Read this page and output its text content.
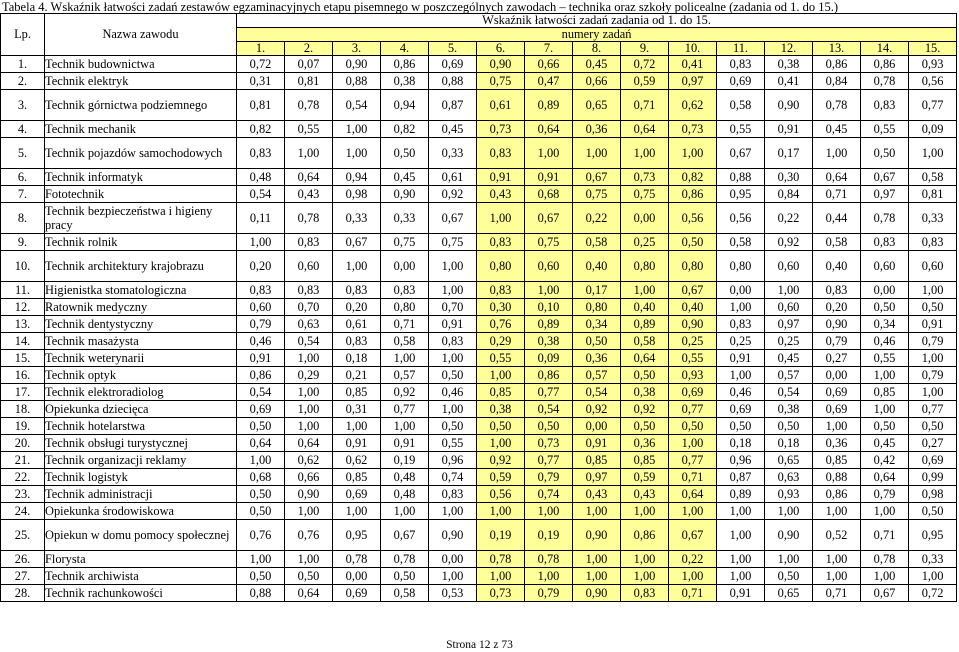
Tabela 4. Wskaźnik łatwości zadań zestawów egzaminacyjnych etapu pisemnego w poszczególnych zawodach – technika oraz szkoły policealne (zadania od 1. do 15.)
Lp.	Nazwa zawodu	Wskaźnik łatwości zadań zadania od 1. do 15.														
		numery zadań														
		1.	2.	3.	4.	5.	6.	7.	8.	9.	10.	11.	12.	13.	14.	15.
1.	Technik budownictwa	0,72	0,07	0,90	0,86	0,69	0,90	0,66	0,45	0,72	0,41	0,83	0,38	0,86	0,86	0,93
2.	Technik elektryk	0,31	0,81	0,88	0,38	0,88	0,75	0,47	0,66	0,59	0,97	0,69	0,41	0,84	0,78	0,56
3.	Technik górnictwa podziemnego	0,81	0,78	0,54	0,94	0,87	0,61	0,89	0,65	0,71	0,62	0,58	0,90	0,78	0,83	0,77
4.	Technik mechanik	0,82	0,55	1,00	0,82	0,45	0,73	0,64	0,36	0,64	0,73	0,55	0,91	0,45	0,55	0,09
5.	Technik pojazdów samochodowych	0,83	1,00	1,00	0,50	0,33	0,83	1,00	1,00	1,00	1,00	0,67	0,17	1,00	0,50	1,00
6.	Technik informatyk	0,48	0,64	0,94	0,45	0,61	0,91	0,91	0,67	0,73	0,82	0,88	0,30	0,64	0,67	0,58
7.	Fototechnik	0,54	0,43	0,98	0,90	0,92	0,43	0,68	0,75	0,75	0,86	0,95	0,84	0,71	0,97	0,81
8.	Technik bezpieczeństwa i higieny pracy	0,11	0,78	0,33	0,33	0,67	1,00	0,67	0,22	0,00	0,56	0,56	0,22	0,44	0,78	0,33
9.	Technik rolnik	1,00	0,83	0,67	0,75	0,75	0,83	0,75	0,58	0,25	0,50	0,58	0,92	0,58	0,83	0,83
10.	Technik architektury krajobrazu	0,20	0,60	1,00	0,00	1,00	0,80	0,60	0,40	0,80	0,80	0,80	0,60	0,40	0,60	0,60
11.	Higienistka stomatologiczna	0,83	0,83	0,83	0,83	1,00	0,83	1,00	0,17	1,00	0,67	0,00	1,00	0,83	0,00	1,00
12.	Ratownik medyczny	0,60	0,70	0,20	0,80	0,70	0,30	0,10	0,80	0,40	0,40	1,00	0,60	0,20	0,50	0,50
13.	Technik dentystyczny	0,79	0,63	0,61	0,71	0,91	0,76	0,89	0,34	0,89	0,90	0,83	0,97	0,90	0,34	0,91
14.	Technik masażysta	0,46	0,54	0,83	0,58	0,83	0,29	0,38	0,50	0,58	0,25	0,25	0,25	0,79	0,46	0,79
15.	Technik weterynarii	0,91	1,00	0,18	1,00	1,00	0,55	0,09	0,36	0,64	0,55	0,91	0,45	0,27	0,55	1,00
16.	Technik optyk	0,86	0,29	0,21	0,57	0,50	1,00	0,86	0,57	0,50	0,93	1,00	0,57	0,00	1,00	0,79
17.	Technik elektroradiolog	0,54	1,00	0,85	0,92	0,46	0,85	0,77	0,54	0,38	0,69	0,46	0,54	0,69	0,85	1,00
18.	Opiekunka dziecięca	0,69	1,00	0,31	0,77	1,00	0,38	0,54	0,92	0,92	0,77	0,69	0,38	0,69	1,00	0,77
19.	Technik hotelarstwa	0,50	1,00	1,00	1,00	0,50	0,50	0,50	0,00	0,50	0,50	0,50	0,50	1,00	0,50	0,50
20.	Technik obsługi turystycznej	0,64	0,64	0,91	0,91	0,55	1,00	0,73	0,91	0,36	1,00	0,18	0,18	0,36	0,45	0,27
21.	Technik organizacji reklamy	1,00	0,62	0,62	0,19	0,96	0,92	0,77	0,85	0,85	0,77	0,96	0,65	0,85	0,42	0,69
22.	Technik logistyk	0,68	0,66	0,85	0,48	0,74	0,59	0,79	0,97	0,59	0,71	0,87	0,63	0,88	0,64	0,99
23.	Technik administracji	0,50	0,90	0,69	0,48	0,83	0,56	0,74	0,43	0,43	0,64	0,89	0,93	0,86	0,79	0,98
24.	Opiekunka środowiskowa	0,50	1,00	1,00	1,00	1,00	1,00	1,00	1,00	1,00	1,00	1,00	1,00	1,00	1,00	0,50
25.	Opiekun w domu pomocy społecznej	0,76	0,76	0,95	0,67	0,90	0,19	0,19	0,90	0,86	0,67	1,00	0,90	0,52	0,71	0,95
26.	Florysta	1,00	1,00	0,78	0,78	0,00	0,78	0,78	1,00	1,00	0,22	1,00	1,00	1,00	0,78	0,33
27.	Technik archiwista	0,50	0,50	0,00	0,50	1,00	1,00	1,00	1,00	1,00	1,00	1,00	0,50	1,00	1,00	1,00
28.	Technik rachunkowości	0,88	0,64	0,69	0,58	0,53	0,73	0,79	0,90	0,83	0,71	0,91	0,65	0,71	0,67	0,72
Strona 12 z 73
